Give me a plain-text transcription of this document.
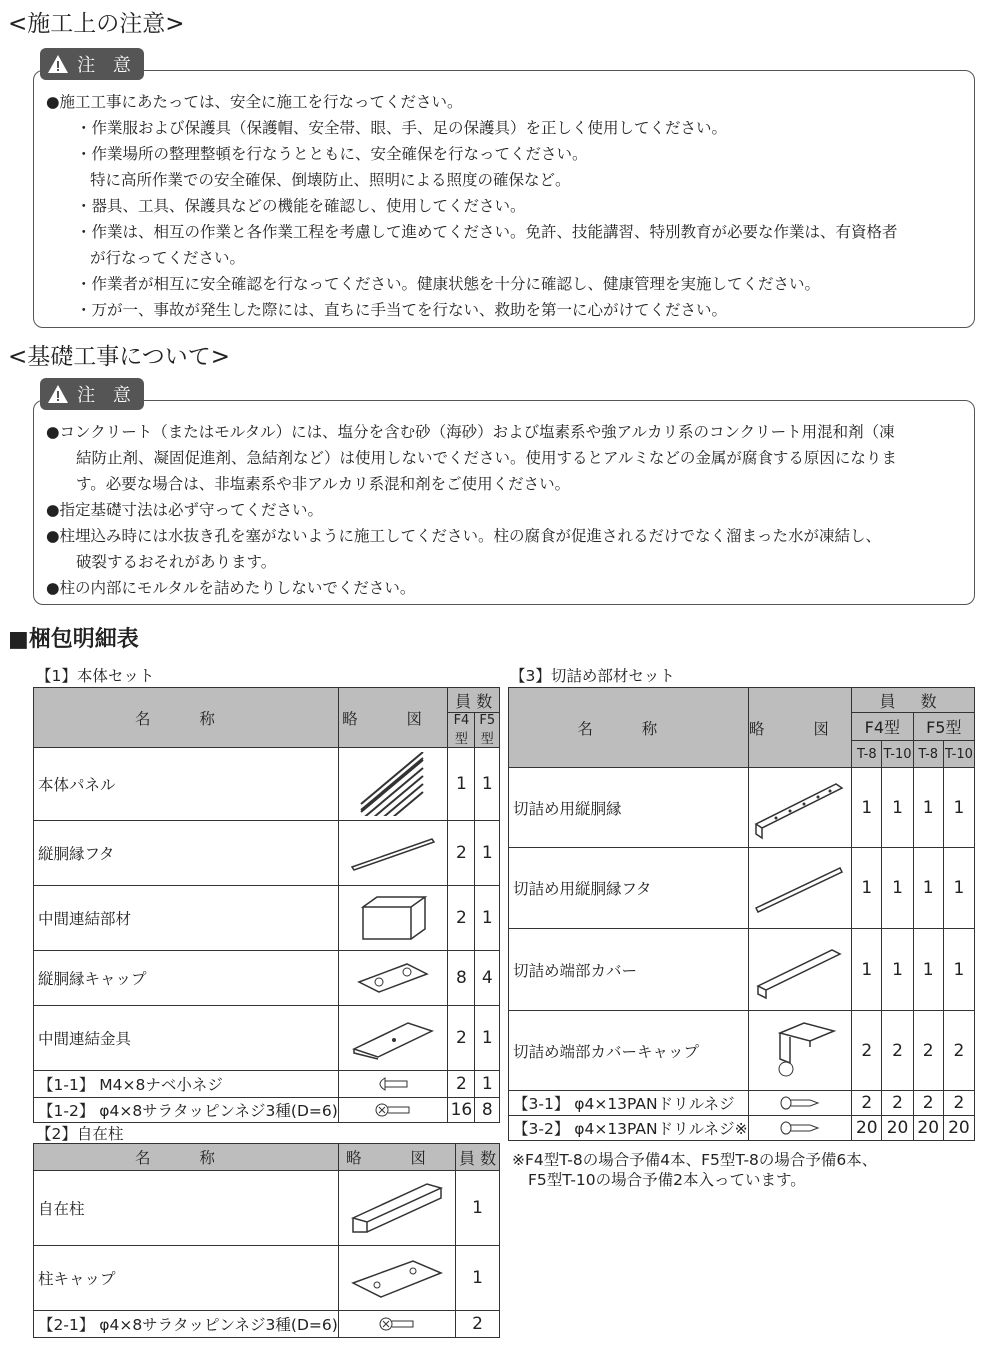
<施工上の注意>

●施工工事にあたっては、安全に施工を行なってください。

・作業服および保護具（保護帽、安全帯、眼、手、足の保護具）を正しく使用してください。

・作業場所の整理整頓を行なうとともに、安全確保を行なってください。

特に高所作業での安全確保、倒壊防止、照明による照度の確保など。

・器具、工具、保護具などの機能を確認し、使用してください。

・作業は、相互の作業と各作業工程を考慮して進めてください。免許、技能講習、特別教育が必要な作業は、有資格者

が行なってください。

・作業者が相互に安全確認を行なってください。健康状態を十分に確認し、健康管理を実施してください。

・万が一、事故が発生した際には、直ちに手当てを行ない、救助を第一に心がけてください。

注 意
<基礎工事について>

●コンクリート（またはモルタル）には、塩分を含む砂（海砂）および塩素系や強アルカリ系のコンクリート用混和剤（凍

結防止剤、凝固促進剤、急結剤など）は使用しないでください。使用するとアルミなどの金属が腐食する原因になりま

す。必要な場合は、非塩素系や非アルカリ系混和剤をご使用ください。

●指定基礎寸法は必ず守ってください。

●柱埋込み時には水抜き孔を塞がないように施工してください。柱の腐食が促進されるだけでなく溜まった水が凍結し、

破裂するおそれがあります。

●柱の内部にモルタルを詰めたりしないでください。

注 意
■梱包明細表
【1】本体セット
名 称	略 図	員 数	
		F4型	F5型
本体パネル		1	1
縦胴縁フタ		2	1
中間連結部材		2	1
縦胴縁キャップ		8	4
中間連結金具		2	1
【1-1】 M4×8ナベ小ネジ		2	1
【1-2】 φ4×8サラタッピンネジ3種(D=6)		16	8
【2】自在柱
名 称	略 図	員 数
自在柱		1
柱キャップ		1
【2-1】 φ4×8サラタッピンネジ3種(D=6)		2
【3】切詰め部材セット
名 称	略 図	員 数			
		F4型		F5型	
		T-8	T-10	T-8	T-10
切詰め用縦胴縁		1	1	1	1
切詰め用縦胴縁フタ		1	1	1	1
切詰め端部カバー		1	1	1	1
切詰め端部カバーキャップ		2	2	2	2
【3-1】 φ4×13PANドリルネジ		2	2	2	2
【3-2】 φ4×13PANドリルネジ※		20	20	20	20
※F4型T-8の場合予備4本、F5型T-8の場合予備6本、
F5型T-10の場合予備2本入っています。
